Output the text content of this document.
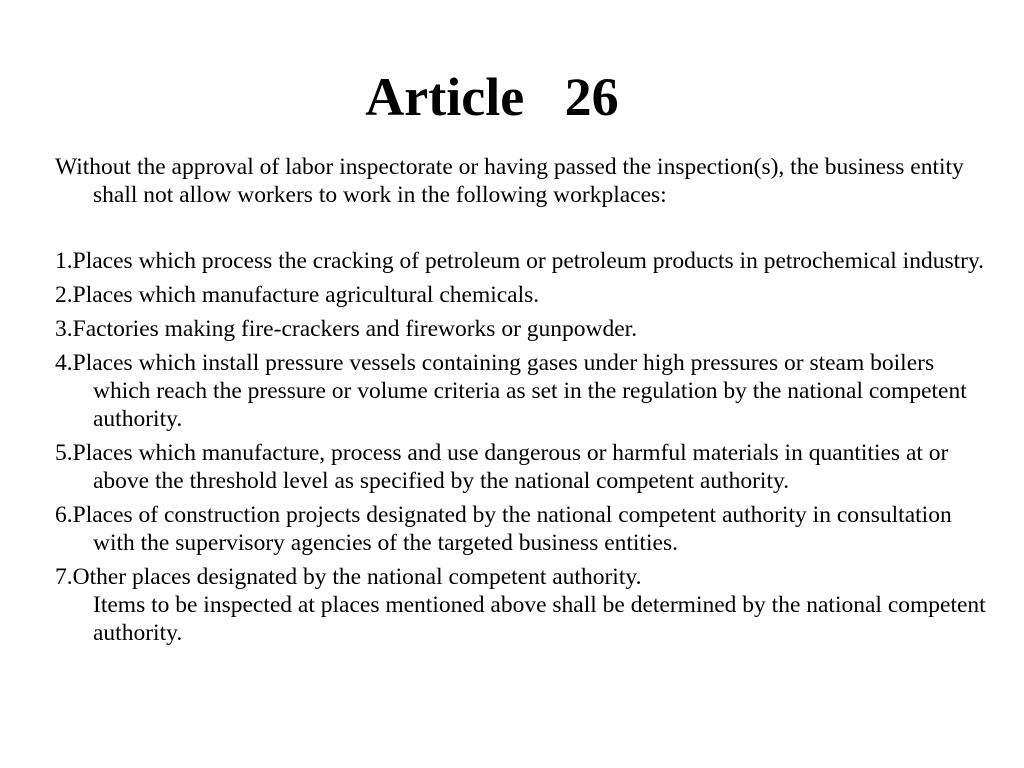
Article   26

Without the approval of labor inspectorate or having passed the inspection(s), the business entity shall not allow workers to work in the following workplaces:

1.Places which process the cracking of petroleum or petroleum products in petrochemical industry.

2.Places which manufacture agricultural chemicals.

3.Factories making fire-crackers and fireworks or gunpowder.

4.Places which install pressure vessels containing gases under high pressures or steam boilers which reach the pressure or volume criteria as set in the regulation by the national competent authority.

5.Places which manufacture, process and use dangerous or harmful materials in quantities at or above the threshold level as specified by the national competent authority.

6.Places of construction projects designated by the national competent authority in consultation with the supervisory agencies of the targeted business entities.

7.Other places designated by the national competent authority.
Items to be inspected at places mentioned above shall be determined by the national competent authority.
